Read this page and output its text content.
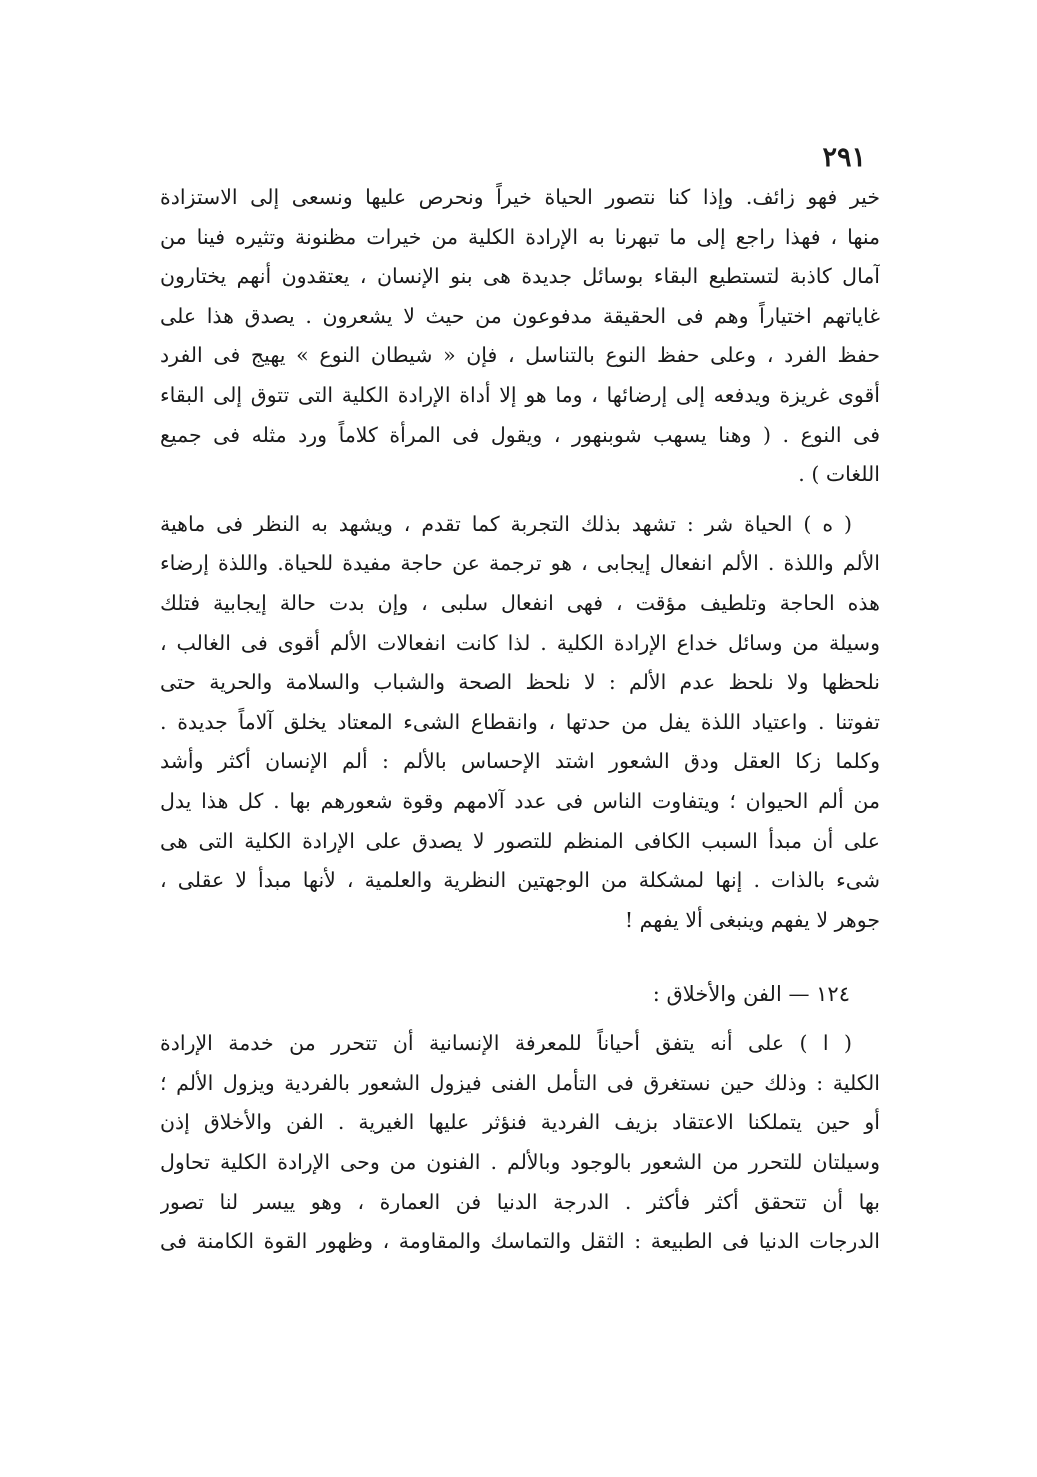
٢٩١
خير فهو زائف. وإذا كنا نتصور الحياة خيراً ونحرص عليها ونسعى إلى الاستزادة
منها ، فهذا راجع إلى ما تبهرنا به الإرادة الكلية من خيرات مظنونة وتثيره فينا من
آمال كاذبة لتستطيع البقاء بوسائل جديدة هى بنو الإنسان ، يعتقدون أنهم يختارون
غاياتهم اختياراً وهم فى الحقيقة مدفوعون من حيث لا يشعرون . يصدق هذا على
حفظ الفرد ، وعلى حفظ النوع بالتناسل ، فإن « شيطان النوع » يهيج فى الفرد
أقوى غريزة ويدفعه إلى إرضائها ، وما هو إلا أداة الإرادة الكلية التى تتوق إلى البقاء
فى النوع . ( وهنا يسهب شوبنهور ، ويقول فى المرأة كلاماً ورد مثله فى جميع
اللغات ) .
( ه ) الحياة شر : تشهد بذلك التجربة كما تقدم ، ويشهد به النظر فى ماهية
الألم واللذة . الألم انفعال إيجابى ، هو ترجمة عن حاجة مفيدة للحياة. واللذة إرضاء
هذه الحاجة وتلطيف مؤقت ، فهى انفعال سلبى ، وإن بدت حالة إيجابية فتلك
وسيلة من وسائل خداع الإرادة الكلية . لذا كانت انفعالات الألم أقوى فى الغالب ،
نلحظها ولا نلحظ عدم الألم : لا نلحظ الصحة والشباب والسلامة والحرية حتى
تفوتنا . واعتياد اللذة يفل من حدتها ، وانقطاع الشىء المعتاد يخلق آلاماً جديدة .
وكلما زكا العقل ودق الشعور اشتد الإحساس بالألم : ألم الإنسان أكثر وأشد
من ألم الحيوان ؛ ويتفاوت الناس فى عدد آلامهم وقوة شعورهم بها . كل هذا يدل
على أن مبدأ السبب الكافى المنظم للتصور لا يصدق على الإرادة الكلية التى هى
شىء بالذات . إنها لمشكلة من الوجهتين النظرية والعلمية ، لأنها مبدأ لا عقلى ،
جوهر لا يفهم وينبغى ألا يفهم !
١٢٤ — الفن والأخلاق :
( ا ) على أنه يتفق أحياناً للمعرفة الإنسانية أن تتحرر من خدمة الإرادة
الكلية : وذلك حين نستغرق فى التأمل الفنى فيزول الشعور بالفردية ويزول الألم ؛
أو حين يتملكنا الاعتقاد بزيف الفردية فنؤثر عليها الغيرية . الفن والأخلاق إذن
وسيلتان للتحرر من الشعور بالوجود وبالألم . الفنون من وحى الإرادة الكلية تحاول
بها أن تتحقق أكثر فأكثر . الدرجة الدنيا فن العمارة ، وهو ييسر لنا تصور
الدرجات الدنيا فى الطبيعة : الثقل والتماسك والمقاومة ، وظهور القوة الكامنة فى
